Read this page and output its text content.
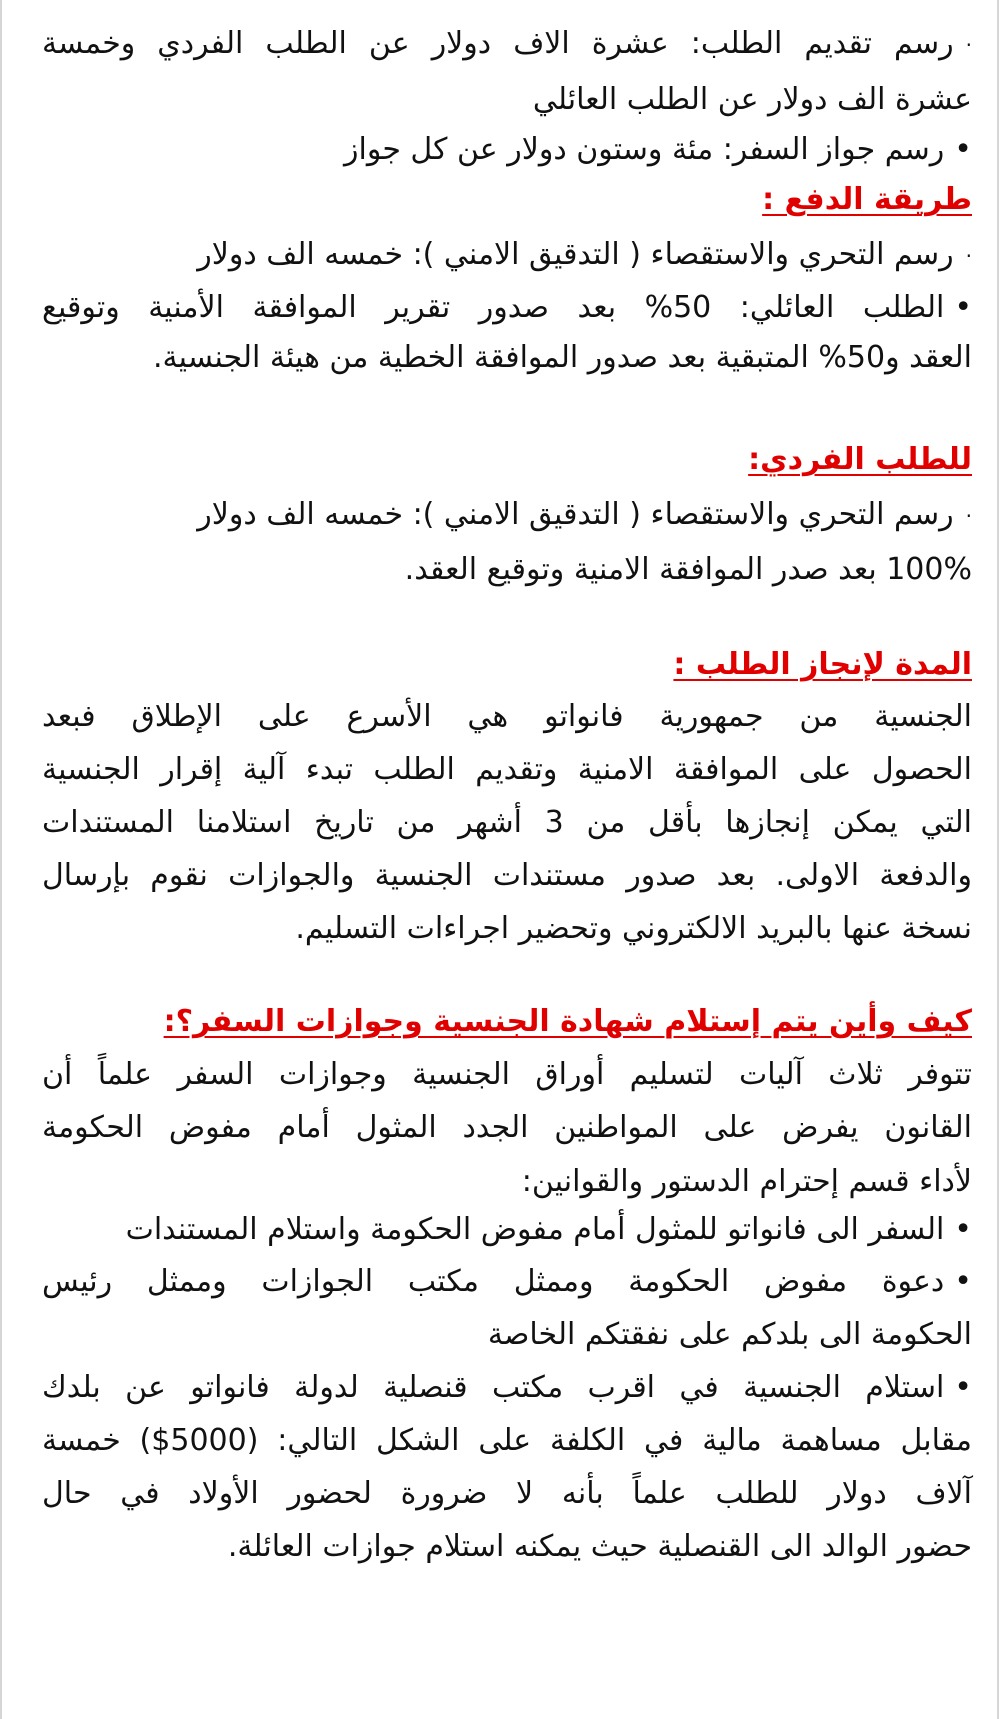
·رسم تقديم الطلب: عشرة الاف دولار عن الطلب الفردي وخمسة
عشرة الف دولار عن الطلب العائلي
•رسم جواز السفر: مئة وستون دولار عن كل جواز
طريقة الدفع :
·رسم التحري والاستقصاء ( التدقيق الامني ): خمسه الف دولار
•الطلب العائلي: 50% بعد صدور تقرير الموافقة الأمنية وتوقيع
العقد و50% المتبقية بعد صدور الموافقة الخطية من هيئة الجنسية.
للطلب الفردي:
·رسم التحري والاستقصاء ( التدقيق الامني ): خمسه الف دولار
100% بعد صدر الموافقة الامنية وتوقيع العقد.
المدة لإنجاز الطلب :
الجنسية من جمهورية فانواتو هي الأسرع على الإطلاق فبعد
الحصول على الموافقة الامنية وتقديم الطلب تبدء آلية إقرار الجنسية
التي يمكن إنجازها بأقل من 3 أشهر من تاريخ استلامنا المستندات
والدفعة الاولى. بعد صدور مستندات الجنسية والجوازات نقوم بإرسال
نسخة عنها بالبريد الالكتروني وتحضير اجراءات التسليم.
كيف وأين يتم إستلام شهادة الجنسية وجوازات السفر؟:
تتوفر ثلاث آليات لتسليم أوراق الجنسية وجوازات السفر علماً أن
القانون يفرض على المواطنين الجدد المثول أمام مفوض الحكومة
لأداء قسم إحترام الدستور والقوانين:
•السفر الى فانواتو للمثول أمام مفوض الحكومة واستلام المستندات
•دعوة مفوض الحكومة وممثل مكتب الجوازات وممثل رئيس
الحكومة الى بلدكم على نفقتكم الخاصة
•استلام الجنسية في اقرب مكتب قنصلية لدولة فانواتو عن بلدك
مقابل مساهمة مالية في الكلفة على الشكل التالي: (5000$) خمسة
آلاف دولار للطلب علماً بأنه لا ضرورة لحضور الأولاد في حال
حضور الوالد الى القنصلية حيث يمكنه استلام جوازات العائلة.
